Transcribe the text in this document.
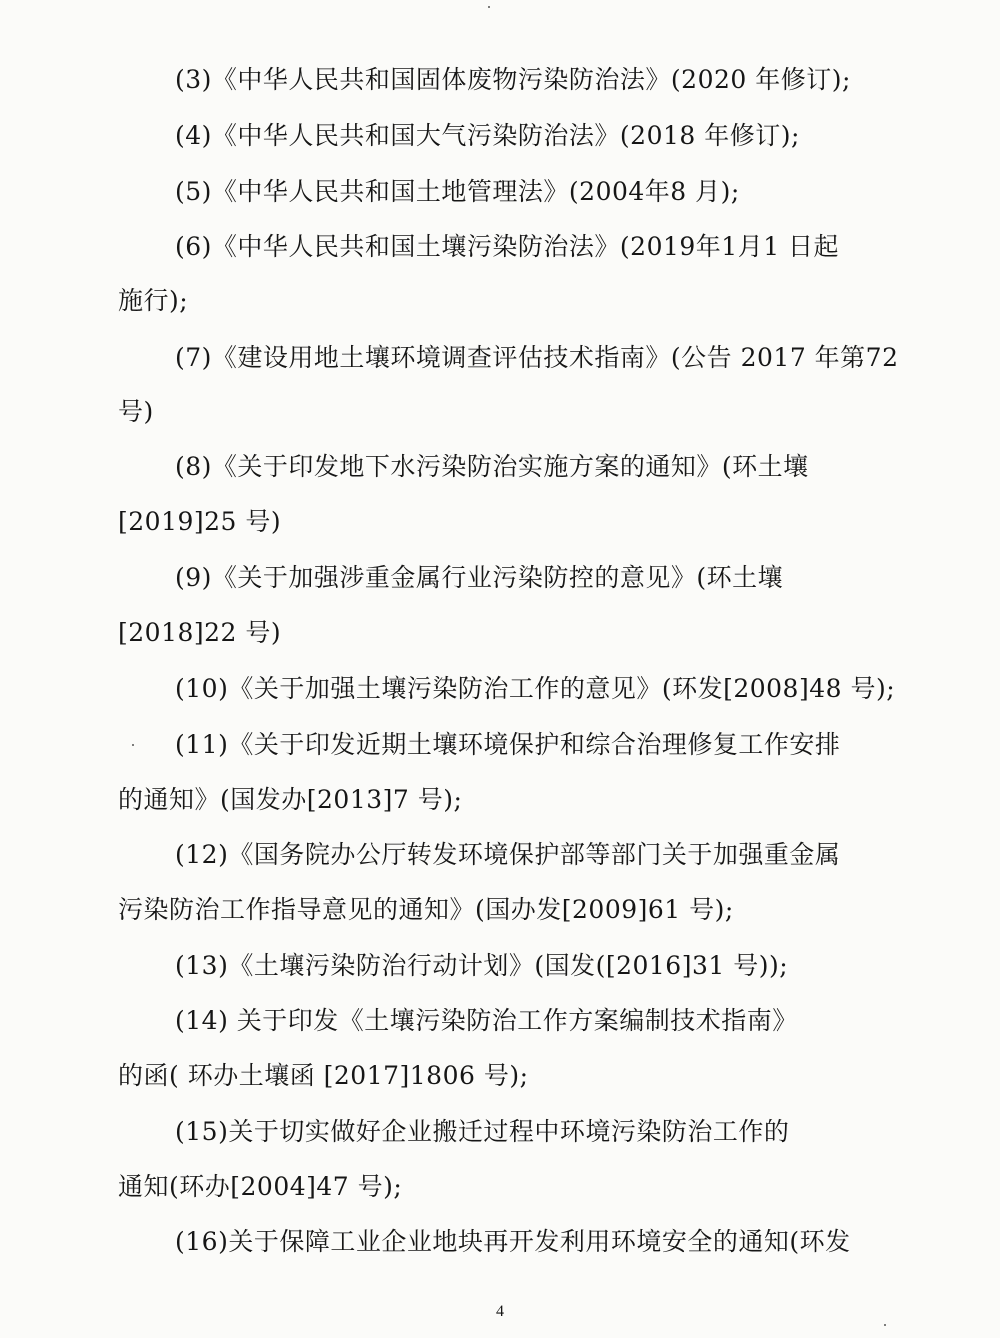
(3)《中华人民共和国固体废物污染防治法》(2020 年修订);
(4)《中华人民共和国大气污染防治法》(2018 年修订);
(5)《中华人民共和国土地管理法》(2004年8 月);
(6)《中华人民共和国土壤污染防治法》(2019年1月1 日起
施行);
(7)《建设用地土壤环境调查评估技术指南》(公告 2017 年第72
号)
(8)《关于印发地下水污染防治实施方案的通知》(环土壤
[2019]25 号)
(9)《关于加强涉重金属行业污染防控的意见》(环土壤
[2018]22 号)
(10)《关于加强土壤污染防治工作的意见》(环发[2008]48 号);
(11)《关于印发近期土壤环境保护和综合治理修复工作安排
的通知》(国发办[2013]7 号);
(12)《国务院办公厅转发环境保护部等部门关于加强重金属
污染防治工作指导意见的通知》(国办发[2009]61 号);
(13)《土壤污染防治行动计划》(国发([2016]31 号));
(14) 关于印发《土壤污染防治工作方案编制技术指南》
的函( 环办土壤函 [2017]1806 号);
(15)关于切实做好企业搬迁过程中环境污染防治工作的
通知(环办[2004]47 号);
(16)关于保障工业企业地块再开发利用环境安全的通知(环发
4
